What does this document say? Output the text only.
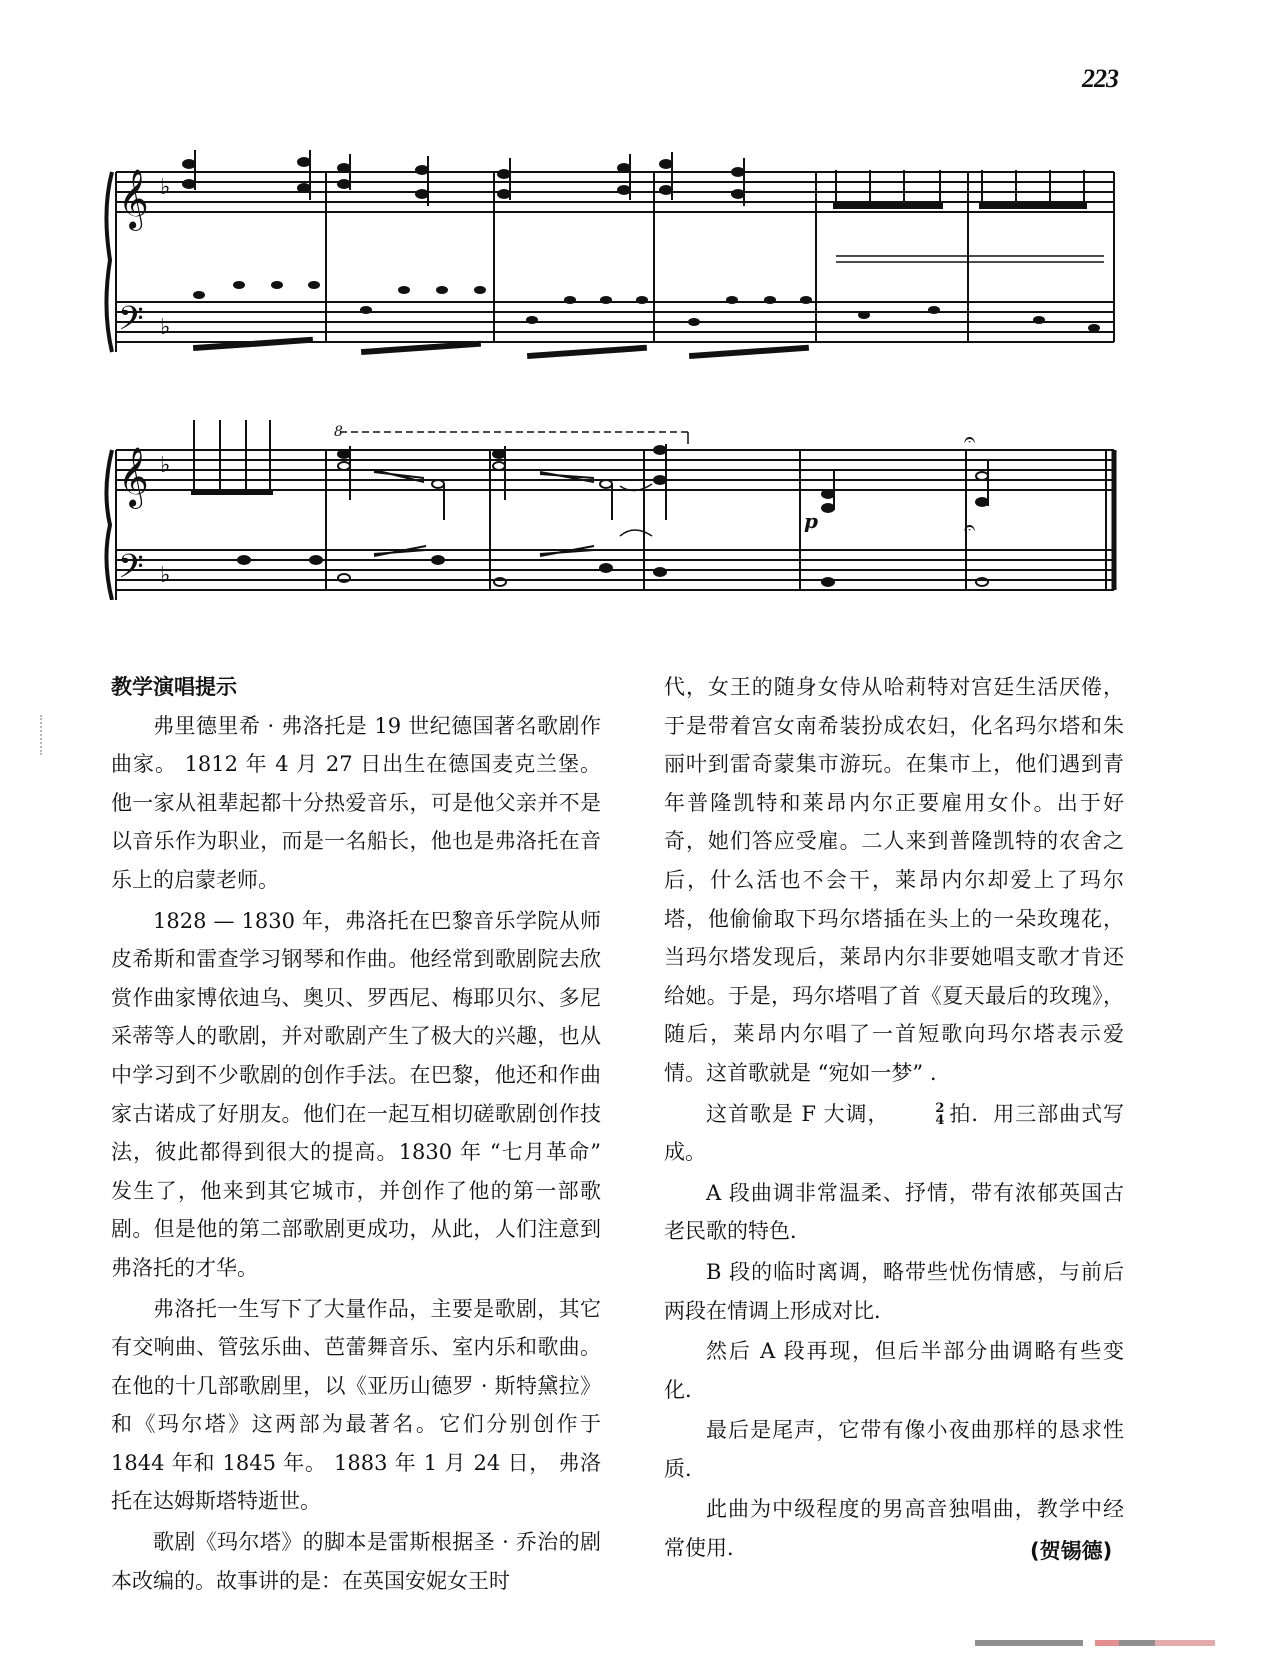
223
𝄞
𝄢
♭
♭
𝄞
𝄢
♭
♭
8
p
𝄐
𝄐
教学演唱提示

弗里德里希 · 弗洛托是 19 世纪德国著名歌剧作曲家。 1812 年 4 月 27 日出生在德国麦克兰堡。他一家从祖辈起都十分热爱音乐，可是他父亲并不是以音乐作为职业，而是一名船长，他也是弗洛托在音乐上的启蒙老师。

1828 — 1830 年，弗洛托在巴黎音乐学院从师皮希斯和雷查学习钢琴和作曲。他经常到歌剧院去欣赏作曲家博依迪乌、奥贝、罗西尼、梅耶贝尔、多尼采蒂等人的歌剧，并对歌剧产生了极大的兴趣，也从中学习到不少歌剧的创作手法。在巴黎，他还和作曲家古诺成了好朋友。他们在一起互相切磋歌剧创作技法，彼此都得到很大的提高。1830 年 “七月革命” 发生了，他来到其它城市，并创作了他的第一部歌剧。但是他的第二部歌剧更成功，从此，人们注意到弗洛托的才华。

弗洛托一生写下了大量作品，主要是歌剧，其它有交响曲、管弦乐曲、芭蕾舞音乐、室内乐和歌曲。在他的十几部歌剧里，以《亚历山德罗 · 斯特黛拉》和《玛尔塔》这两部为最著名。它们分别创作于 1844 年和 1845 年。 1883 年 1 月 24 日， 弗洛托在达姆斯塔特逝世。

歌剧《玛尔塔》的脚本是雷斯根据圣 · 乔治的剧本改编的。故事讲的是：在英国安妮女王时

代，女王的随身女侍从哈莉特对宫廷生活厌倦，于是带着宫女南希装扮成农妇，化名玛尔塔和朱丽叶到雷奇蒙集市游玩。在集市上，他们遇到青年普隆凯特和莱昂内尔正要雇用女仆。出于好奇，她们答应受雇。二人来到普隆凯特的农舍之后，什么活也不会干，莱昂内尔却爱上了玛尔塔，他偷偷取下玛尔塔插在头上的一朵玫瑰花，当玛尔塔发现后，莱昂内尔非要她唱支歌才肯还给她。于是，玛尔塔唱了首《夏天最后的玫瑰》，随后，莱昂内尔唱了一首短歌向玛尔塔表示爱情。这首歌就是 “宛如一梦” .

这首歌是 F 大调，	2
4 拍．用三部曲式写成。

A 段曲调非常温柔、抒情，带有浓郁英国古老民歌的特色．

B 段的临时离调，略带些忧伤情感，与前后两段在情调上形成对比．

然后 A 段再现，但后半部分曲调略有些变化．

最后是尾声，它带有像小夜曲那样的恳求性质．

此曲为中级程度的男高音独唱曲，教学中经常使用．	(贺锡德)
